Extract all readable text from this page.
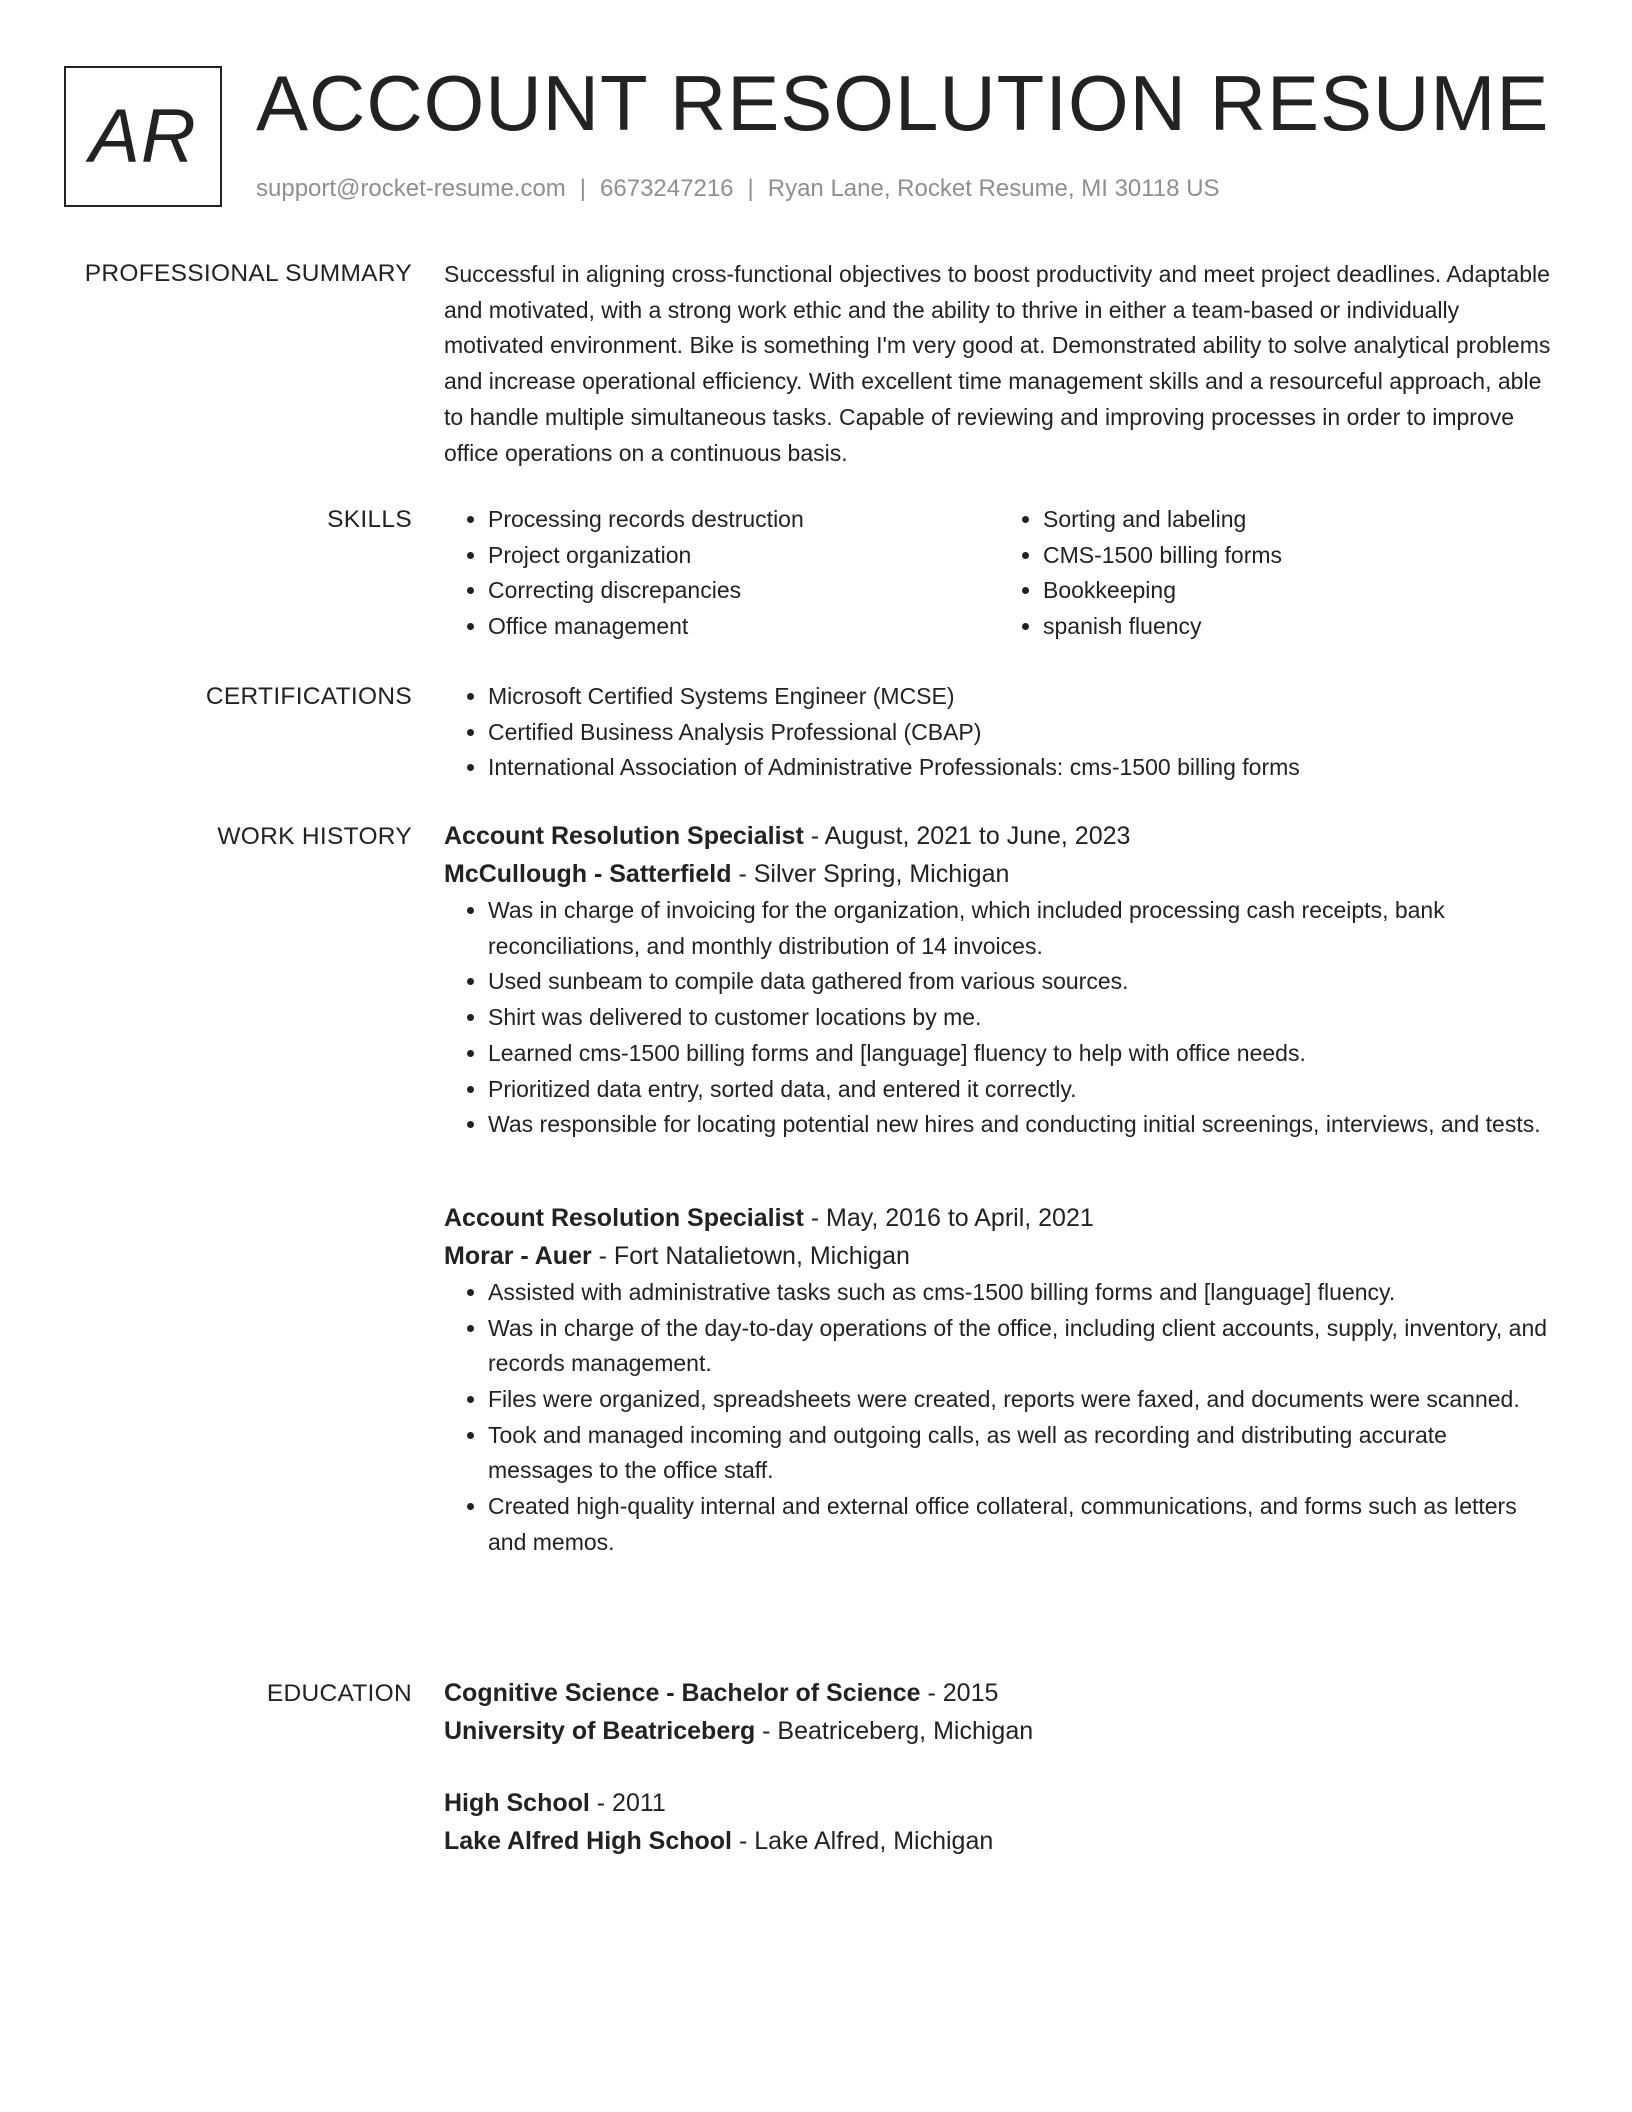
AR ACCOUNT RESOLUTION RESUME
support@rocket-resume.com | 6673247216 | Ryan Lane, Rocket Resume, MI 30118 US
PROFESSIONAL SUMMARY Successful in aligning cross-functional objectives to boost productivity and meet project deadlines. Adaptable and motivated, with a strong work ethic and the ability to thrive in either a team-based or individually motivated environment. Bike is something I'm very good at. Demonstrated ability to solve analytical problems and increase operational efficiency. With excellent time management skills and a resourceful approach, able to handle multiple simultaneous tasks. Capable of reviewing and improving processes in order to improve office operations on a continuous basis.

SKILLS	• Processing records destruction
• Project organization
• Correcting discrepancies
• Office management
• Sorting and labeling
• CMS-1500 billing forms
• Bookkeeping
• spanish fluency
CERTIFICATIONS	• Microsoft Certified Systems Engineer (MCSE)
• Certified Business Analysis Professional (CBAP)
• International Association of Administrative Professionals: cms-1500 billing forms
WORK HISTORY Account Resolution Specialist - August, 2021 to June, 2023
McCullough - Satterfield - Silver Spring, Michigan
• Was in charge of invoicing for the organization, which included processing cash receipts, bank reconciliations, and monthly distribution of 14 invoices.
• Used sunbeam to compile data gathered from various sources.
• Shirt was delivered to customer locations by me.
• Learned cms-1500 billing forms and [language] fluency to help with office needs.
• Prioritized data entry, sorted data, and entered it correctly.
• Was responsible for locating potential new hires and conducting initial screenings, interviews, and tests.
Account Resolution Specialist - May, 2016 to April, 2021
Morar - Auer - Fort Natalietown, Michigan
• Assisted with administrative tasks such as cms-1500 billing forms and [language] fluency.
• Was in charge of the day-to-day operations of the office, including client accounts, supply, inventory, and records management.
• Files were organized, spreadsheets were created, reports were faxed, and documents were scanned.
• Took and managed incoming and outgoing calls, as well as recording and distributing accurate messages to the office staff.
• Created high-quality internal and external office collateral, communications, and forms such as letters and memos.
EDUCATION Cognitive Science - Bachelor of Science - 2015
University of Beatriceberg - Beatriceberg, Michigan
High School - 2011
Lake Alfred High School - Lake Alfred, Michigan
